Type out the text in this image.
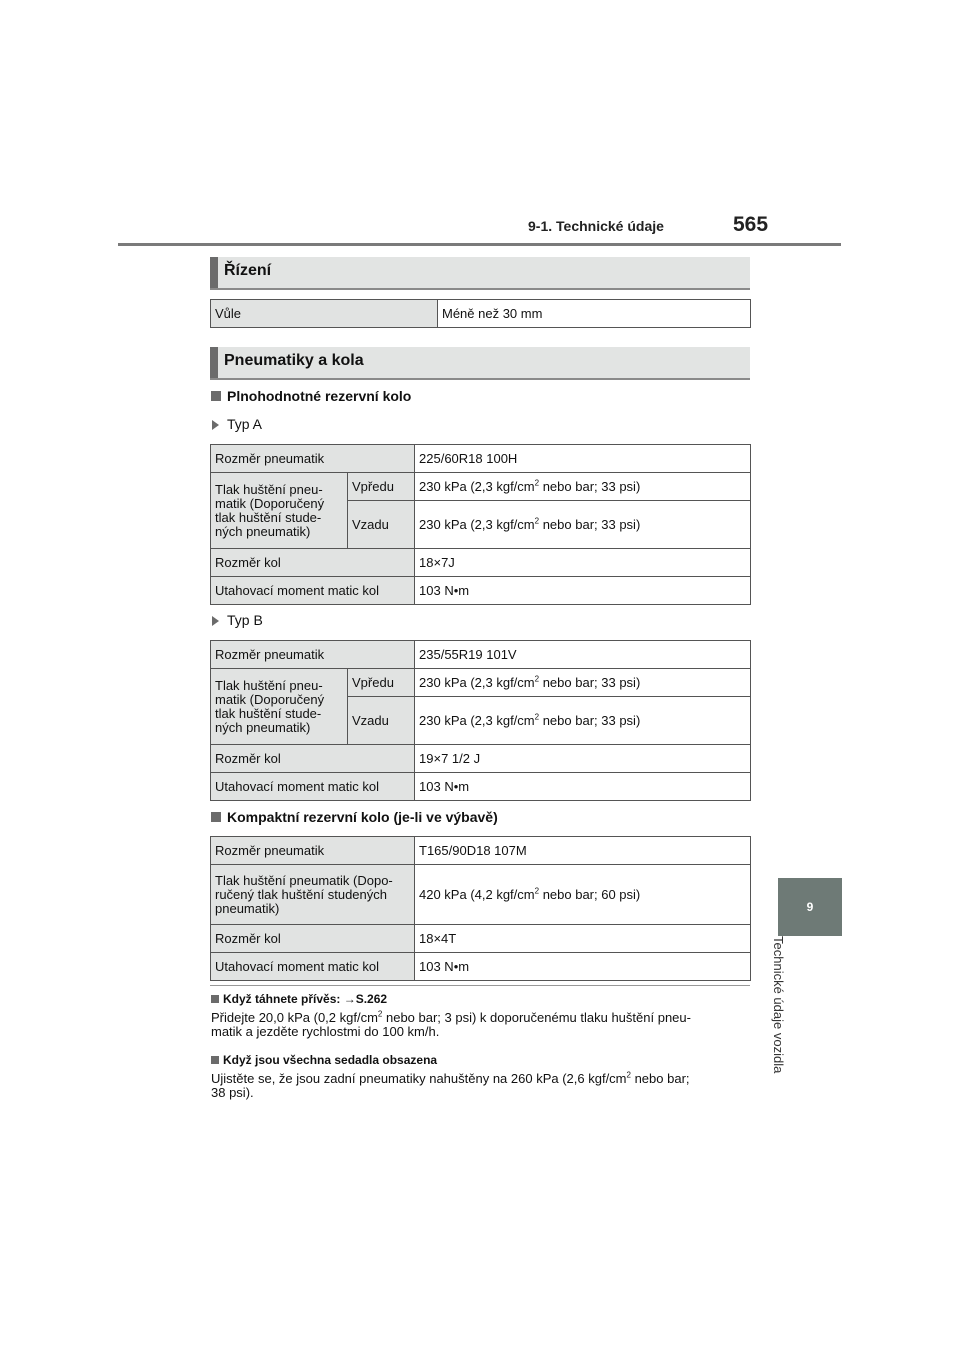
9-1. Technické údaje	565
9
Technické údaje vozidla
Řízení
Vůle	Méně než 30 mm
Pneumatiky a kola
Plnohodnotné rezervní kolo
Typ A
Rozměr pneumatik		225/60R18 100H

Tlak huštění pneu-
matik (Doporučený
tlak huštění stude-
ných pneumatik)	Vpředu	230 kPa (2,3 kgf/$cm^2$ nebo bar; 33 psi)
	Vzadu	230 kPa (2,3 kgf/$cm^2$ nebo bar; 33 psi)
Rozměr kol		18×7J
Utahovací moment matic kol		103 N•m
Typ B
Rozměr pneumatik		235/55R19 101V

Tlak huštění pneu-
matik (Doporučený
tlak huštění stude-
ných pneumatik)	Vpředu	230 kPa (2,3 kgf/$cm^2$ nebo bar; 33 psi)
	Vzadu	230 kPa (2,3 kgf/$cm^2$ nebo bar; 33 psi)
Rozměr kol		19×7 1/2 J
Utahovací moment matic kol		103 N•m
Kompaktní rezervní kolo (je-li ve výbavě)
Rozměr pneumatik	T165/90D18 107M

Tlak huštění pneumatik (Dopo-
ručený tlak huštění studených
pneumatik)	420 kPa (4,2 kgf/$cm^2$ nebo bar; 60 psi)
Rozměr kol	18×4T
Utahovací moment matic kol	103 N•m
Když táhnete přívěs: →S.262
Přidejte 20,0 kPa (0,2 kgf/$cm^2$ nebo bar; 3 psi) k doporučenému tlaku huštění pneu-
matik a jezděte rychlostmi do 100 km/h.
Když jsou všechna sedadla obsazena
Ujistěte se, že jsou zadní pneumatiky nahuštěny na 260 kPa (2,6 kgf/$cm^2$ nebo bar;
38 psi).
